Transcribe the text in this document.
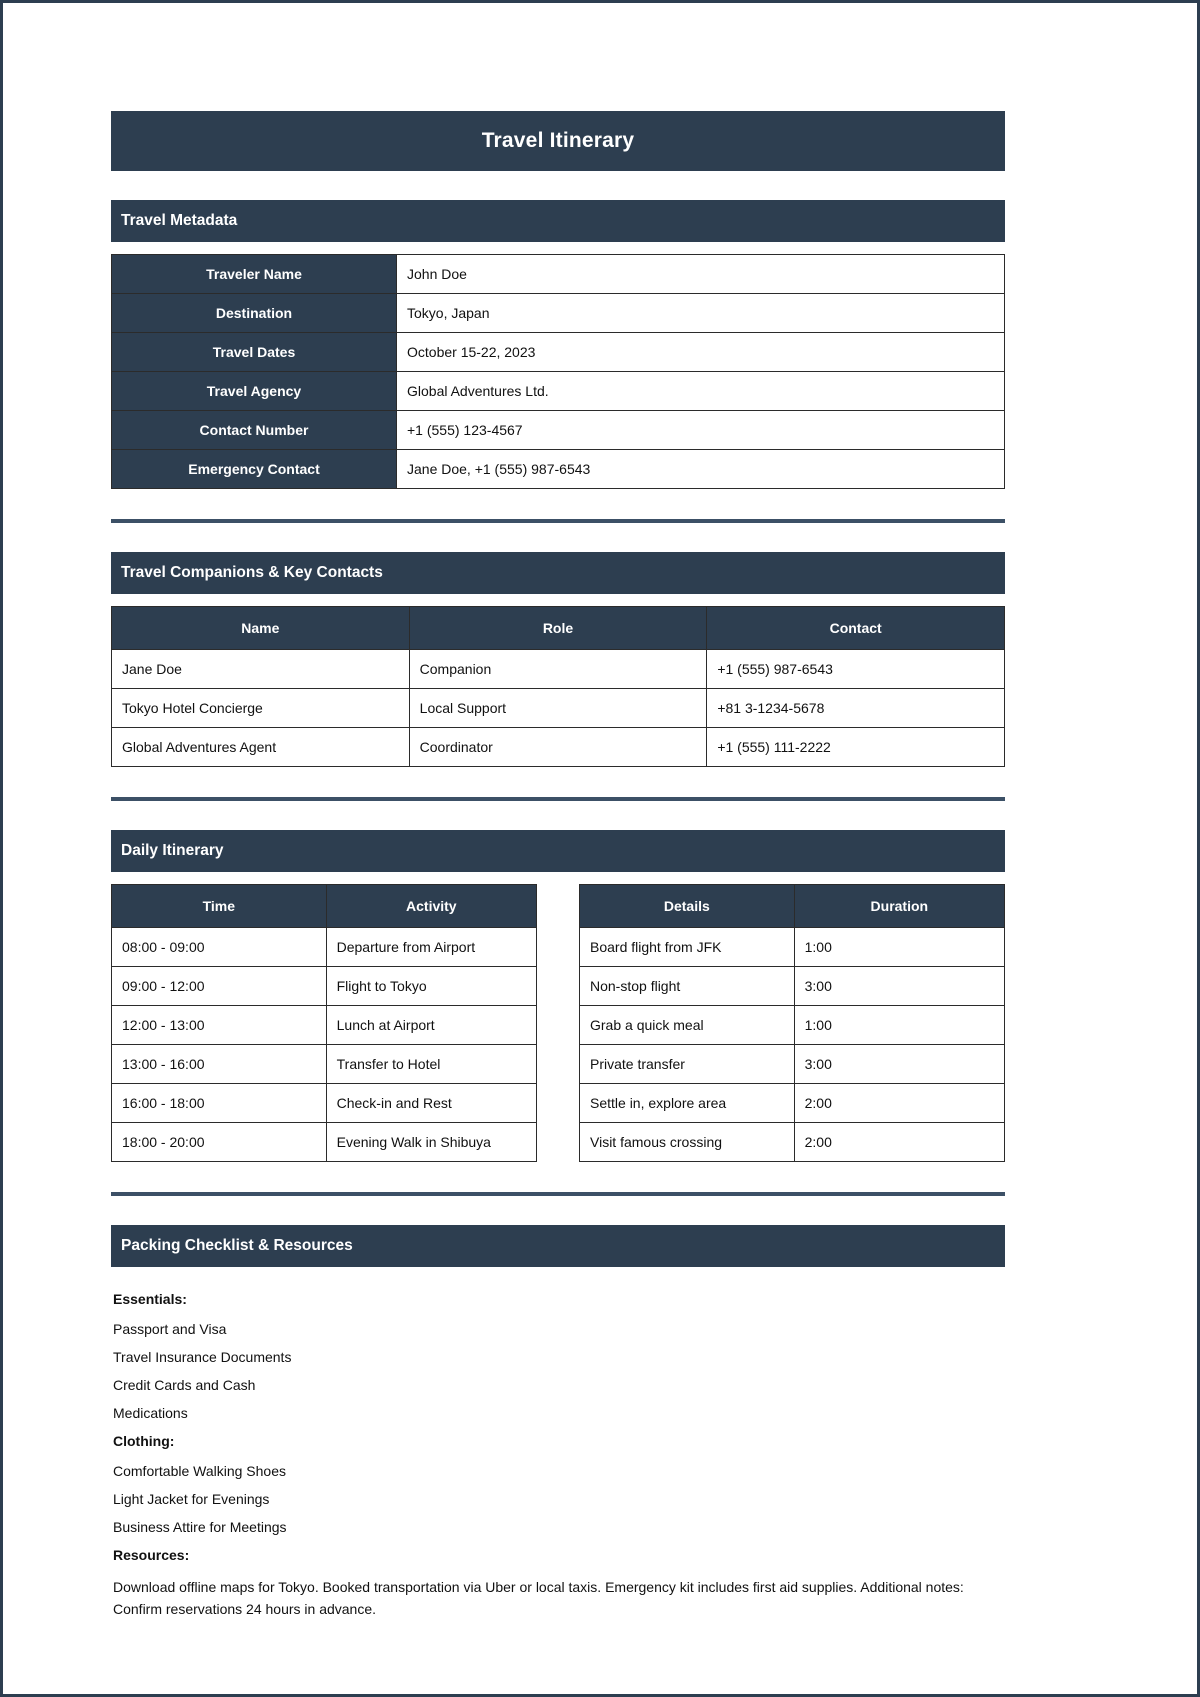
Travel Itinerary
Travel Metadata
Traveler Name	John Doe
Destination	Tokyo, Japan
Travel Dates	October 15-22, 2023
Travel Agency	Global Adventures Ltd.
Contact Number	+1 (555) 123-4567
Emergency Contact	Jane Doe, +1 (555) 987-6543
Travel Companions & Key Contacts
Name	Role	Contact
Jane Doe	Companion	+1 (555) 987-6543
Tokyo Hotel Concierge	Local Support	+81 3-1234-5678
Global Adventures Agent	Coordinator	+1 (555) 111-2222
Daily Itinerary
Time	Activity
08:00 - 09:00	Departure from Airport
09:00 - 12:00	Flight to Tokyo
12:00 - 13:00	Lunch at Airport
13:00 - 16:00	Transfer to Hotel
16:00 - 18:00	Check-in and Rest
18:00 - 20:00	Evening Walk in Shibuya
Details	Duration
Board flight from JFK	1:00
Non-stop flight	3:00
Grab a quick meal	1:00
Private transfer	3:00
Settle in, explore area	2:00
Visit famous crossing	2:00
Packing Checklist & Resources
Essentials:
Passport and Visa
Travel Insurance Documents
Credit Cards and Cash
Medications
Clothing:
Comfortable Walking Shoes
Light Jacket for Evenings
Business Attire for Meetings
Resources:

Download offline maps for Tokyo. Booked transportation via Uber or local taxis. Emergency kit includes first aid supplies. Additional notes: Confirm reservations 24 hours in advance.
